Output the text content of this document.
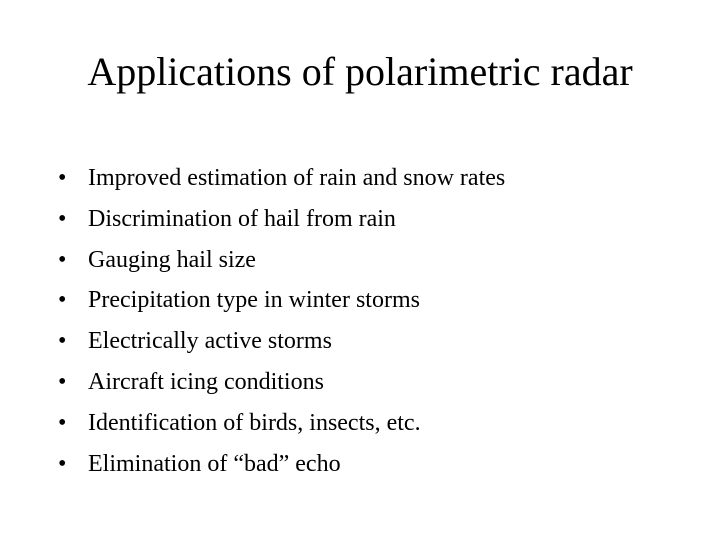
Applications of polarimetric radar
• Improved estimation of rain and snow rates
• Discrimination of hail from rain
• Gauging hail size
• Precipitation type in winter storms
• Electrically active storms
• Aircraft icing conditions
• Identification of birds, insects, etc.
• Elimination of “bad” echo
